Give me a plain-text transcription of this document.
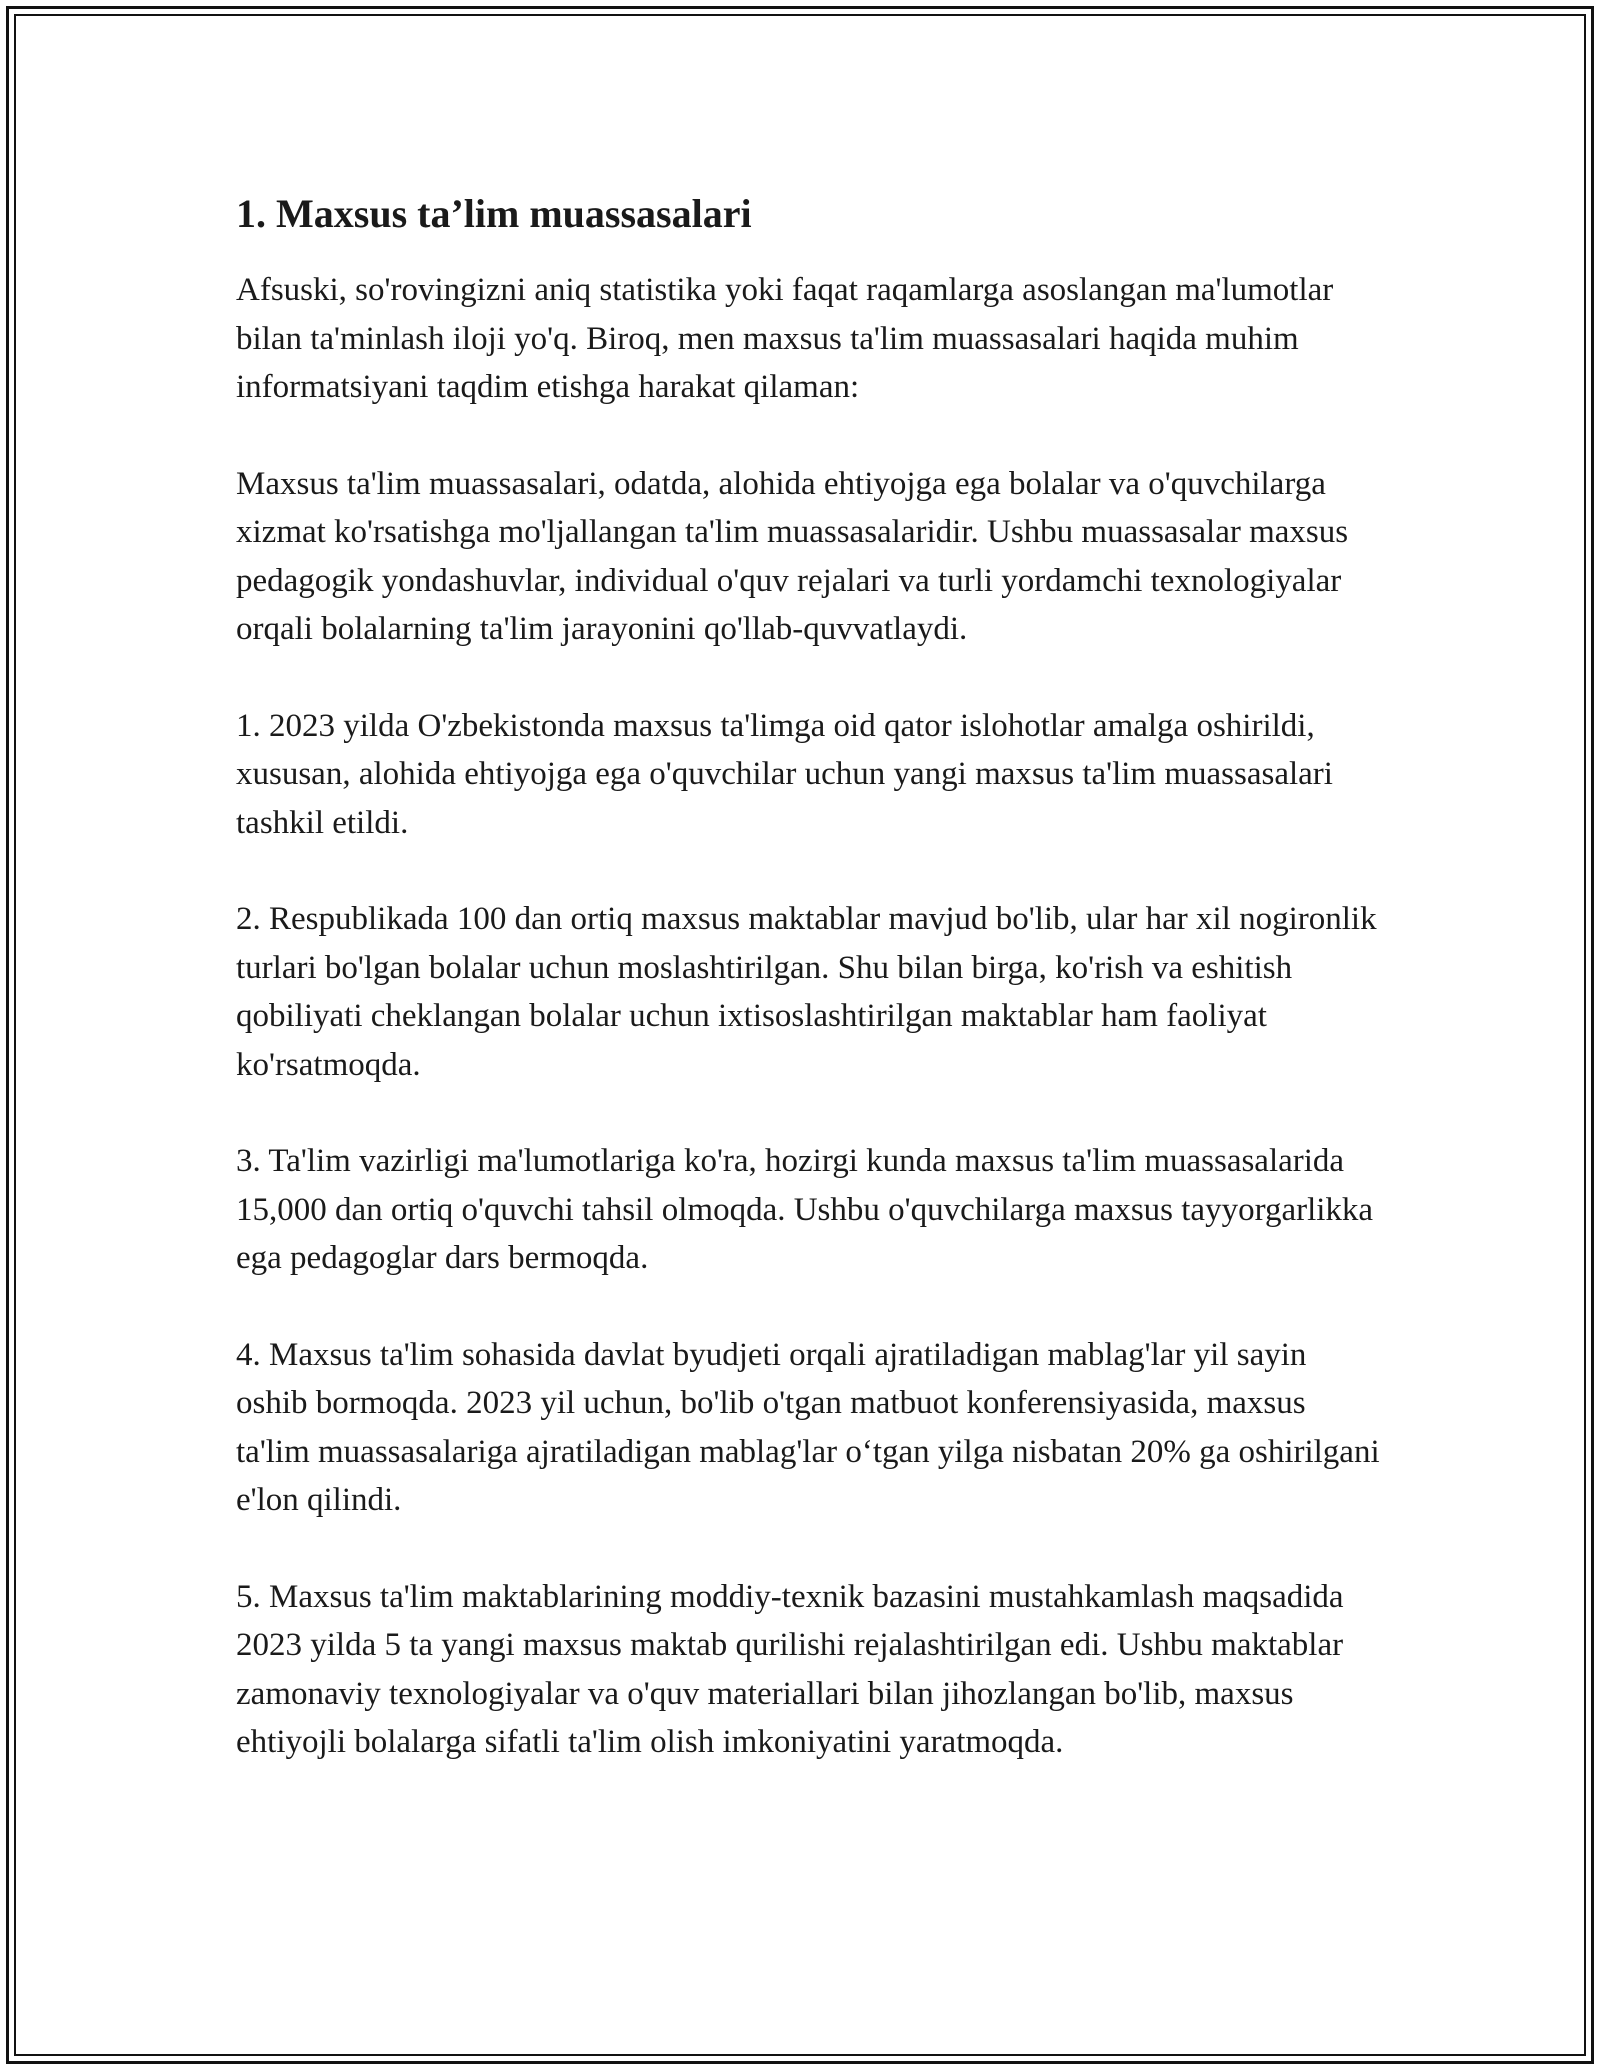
1. Maxsus ta’lim muassasalari

Afsuski, so'rovingizni aniq statistika yoki faqat raqamlarga asoslangan ma'lumotlar bilan ta'minlash iloji yo'q. Biroq, men maxsus ta'lim muassasalari haqida muhim informatsiyani taqdim etishga harakat qilaman:

Maxsus ta'lim muassasalari, odatda, alohida ehtiyojga ega bolalar va o'quvchilarga xizmat ko'rsatishga mo'ljallangan ta'lim muassasalaridir. Ushbu muassasalar maxsus pedagogik yondashuvlar, individual o'quv rejalari va turli yordamchi texnologiyalar orqali bolalarning ta'lim jarayonini qo'llab-quvvatlaydi.

1. 2023 yilda O'zbekistonda maxsus ta'limga oid qator islohotlar amalga oshirildi, xususan, alohida ehtiyojga ega o'quvchilar uchun yangi maxsus ta'lim muassasalari tashkil etildi.

2. Respublikada 100 dan ortiq maxsus maktablar mavjud bo'lib, ular har xil nogironlik turlari bo'lgan bolalar uchun moslashtirilgan. Shu bilan birga, ko'rish va eshitish qobiliyati cheklangan bolalar uchun ixtisoslashtirilgan maktablar ham faoliyat ko'rsatmoqda.

3. Ta'lim vazirligi ma'lumotlariga ko'ra, hozirgi kunda maxsus ta'lim muassasalarida 15,000 dan ortiq o'quvchi tahsil olmoqda. Ushbu o'quvchilarga maxsus tayyorgarlikka ega pedagoglar dars bermoqda.

4. Maxsus ta'lim sohasida davlat byudjeti orqali ajratiladigan mablag'lar yil sayin oshib bormoqda. 2023 yil uchun, bo'lib o'tgan matbuot konferensiyasida, maxsus ta'lim muassasalariga ajratiladigan mablag'lar o‘tgan yilga nisbatan 20% ga oshirilgani e'lon qilindi.

5. Maxsus ta'lim maktablarining moddiy-texnik bazasini mustahkamlash maqsadida 2023 yilda 5 ta yangi maxsus maktab qurilishi rejalashtirilgan edi. Ushbu maktablar zamonaviy texnologiyalar va o'quv materiallari bilan jihozlangan bo'lib, maxsus ehtiyojli bolalarga sifatli ta'lim olish imkoniyatini yaratmoqda.
